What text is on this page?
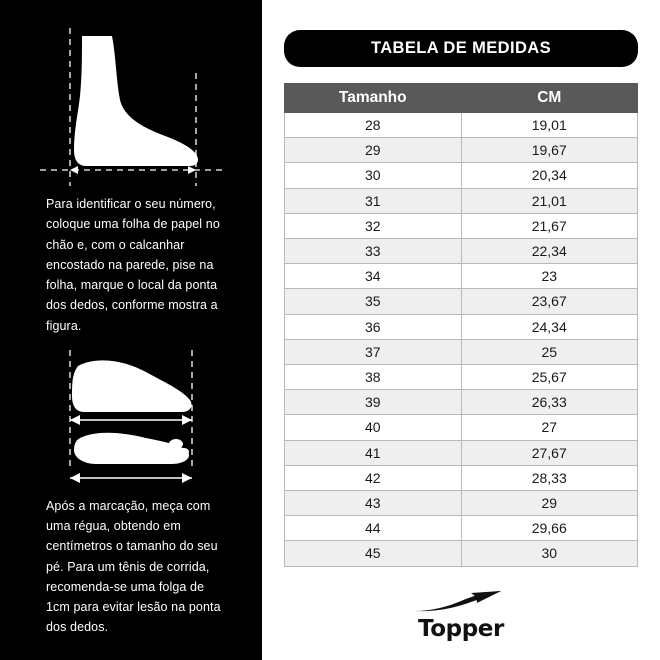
Para identificar o seu número, coloque uma folha de papel no chão e, com o calcanhar encostado na parede, pise na folha, marque o local da ponta dos dedos, conforme mostra a figura.
Após a marcação, meça com uma régua, obtendo em centímetros o tamanho do seu pé. Para um tênis de corrida, recomenda-se uma folga de 1cm para evitar lesão na ponta dos dedos.
TABELA DE MEDIDAS
Tamanho	CM
28	19,01
29	19,67
30	20,34
31	21,01
32	21,67
33	22,34
34	23
35	23,67
36	24,34
37	25
38	25,67
39	26,33
40	27
41	27,67
42	28,33
43	29
44	29,66
45	30
Topper
